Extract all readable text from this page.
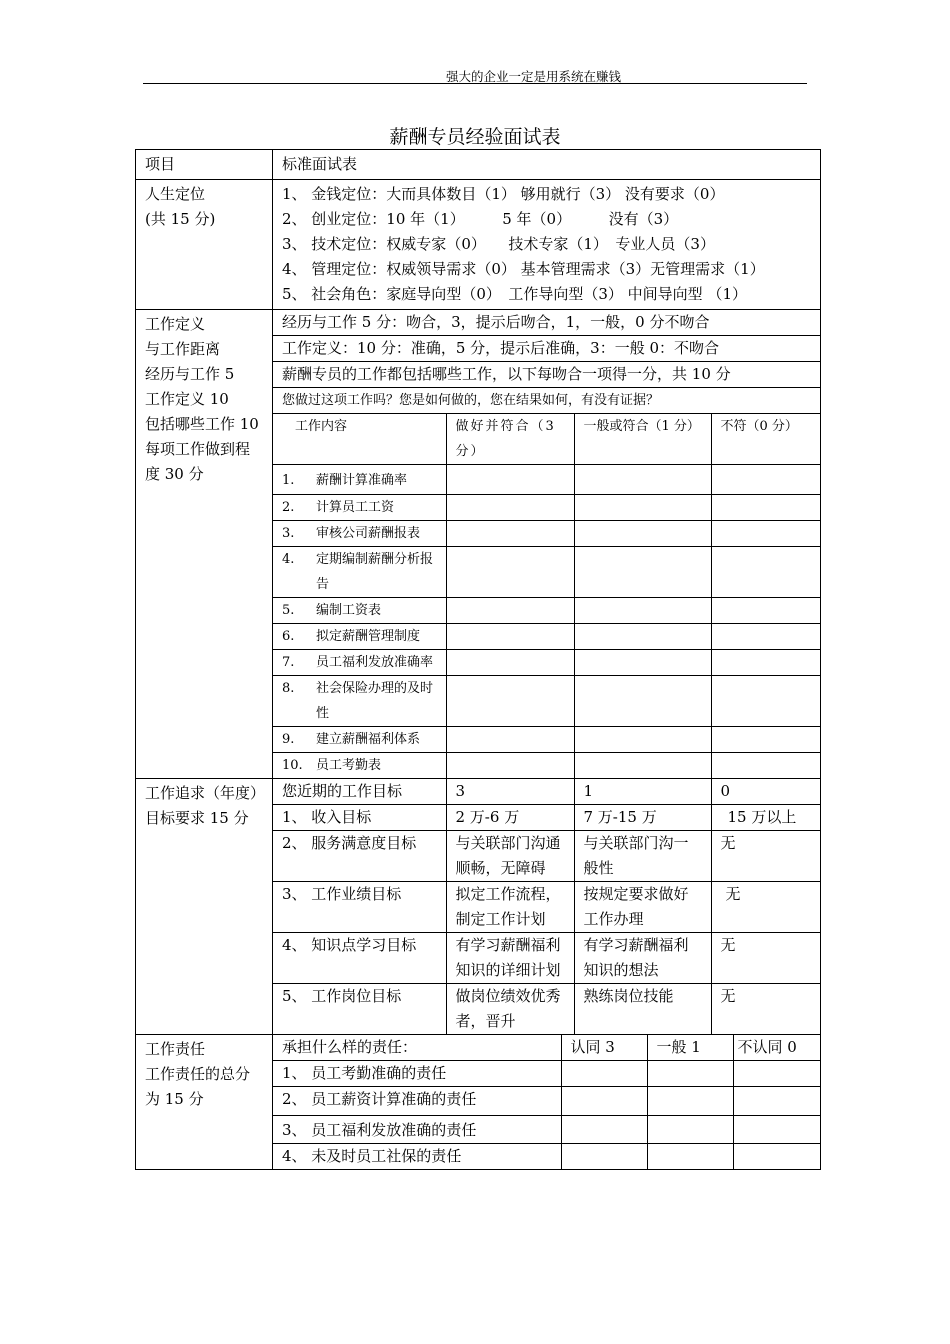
强大的企业一定是用系统在赚钱
薪酬专员经验面试表
项目	标准面试表

人生定位
(共 15 分)

1、 金钱定位：大而具体数目（1） 够用就行（3） 没有要求（0）
2、 创业定位：10 年（1）　　　5 年（0）　　　没有（3）
3、 技术定位：权威专家（0）　　技术专家（1）　专业人员（3）
4、 管理定位：权威领导需求（0） 基本管理需求（3）无管理需求（1）
5、 社会角色：家庭导向型（0）　工作导向型（3） 中间导向型 （1）

工作定义
与工作距离
经历与工作 5
工作定义 10
包括哪些工作 10
每项工作做到程
度 30 分

经历与工作 5 分：吻合，3，提示后吻合，1，一般，0 分不吻合
工作定义：10 分：准确，5 分，提示后准确，3：一般 0：不吻合
薪酬专员的工作都包括哪些工作，以下每吻合一项得一分，共 10 分
您做过这项工作吗？您是如何做的，您在结果如何，有没有证据？
工作内容	做好并符合（3分）	一般或符合（1 分）	不符（0 分）

1.	薪酬计算准确率

2.	计算员工工资

3.	审核公司薪酬报表

4.	定期编制薪酬分析报告

5.	编制工资表

6.	拟定薪酬管理制度

7.	员工福利发放准确率

8.	社会保险办理的及时性

9.	建立薪酬福利体系

10.	员工考勤表

工作追求（年度）
目标要求 15 分

您近期的工作目标	3	1	0
1、 收入目标	2 万-6 万	7 万-15 万	15 万以上
2、 服务满意度目标	与关联部门沟通顺畅，无障碍	与关联部门沟一般性	无
3、 工作业绩目标	拟定工作流程，制定工作计划	按规定要求做好工作办理	无
4、 知识点学习目标	有学习薪酬福利知识的详细计划	有学习薪酬福利知识的想法	无
5、 工作岗位目标	做岗位绩效优秀者，晋升	熟练岗位技能	无

工作责任
工作责任的总分为 15 分

承担什么样的责任：	认同 3	一般 1	不认同 0
1、 员工考勤准确的责任			
2、 员工薪资计算准确的责任			
3、 员工福利发放准确的责任			
4、 未及时员工社保的责任			
